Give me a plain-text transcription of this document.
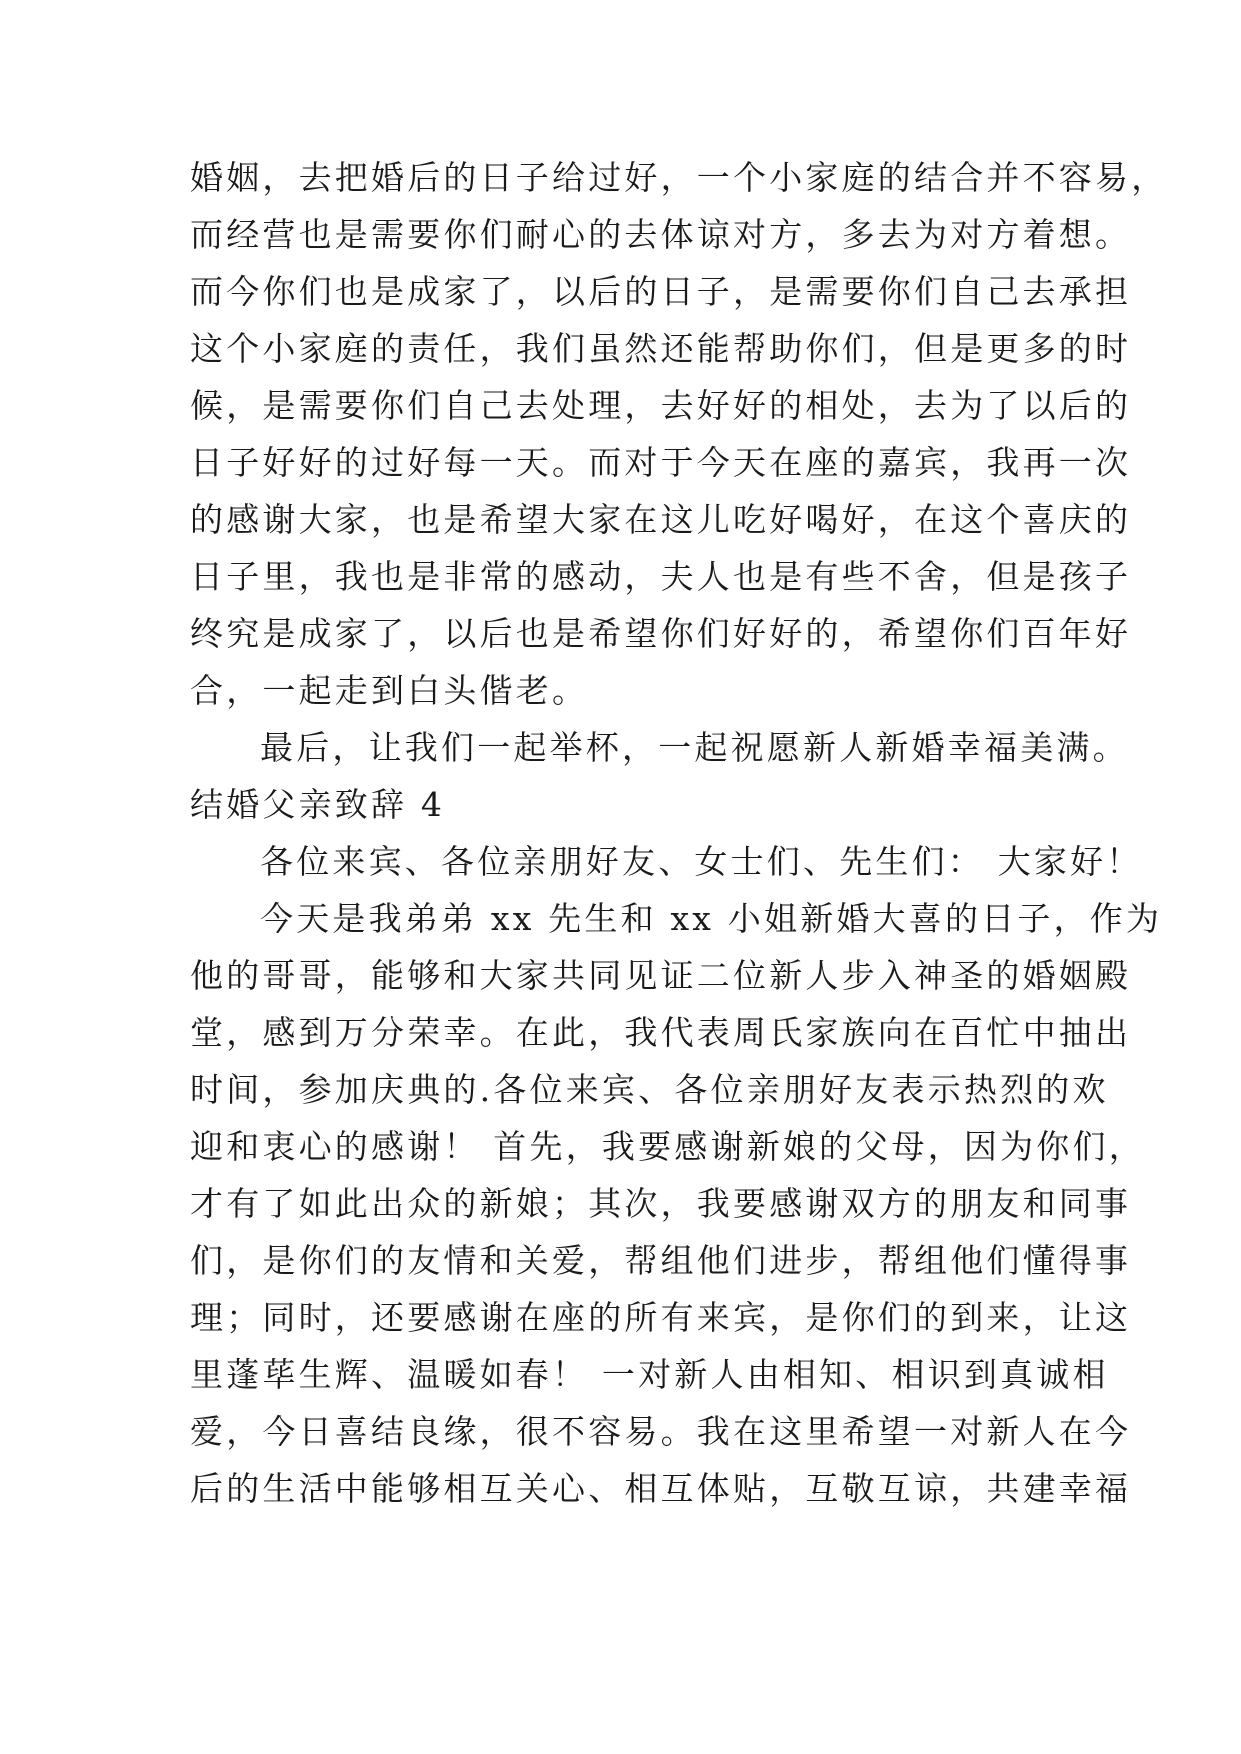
婚姻，去把婚后的日子给过好，一个小家庭的结合并不容易，
而经营也是需要你们耐心的去体谅对方，多去为对方着想。
而今你们也是成家了，以后的日子，是需要你们自己去承担
这个小家庭的责任，我们虽然还能帮助你们，但是更多的时
候，是需要你们自己去处理，去好好的相处，去为了以后的
日子好好的过好每一天。而对于今天在座的嘉宾，我再一次
的感谢大家，也是希望大家在这儿吃好喝好，在这个喜庆的
日子里，我也是非常的感动，夫人也是有些不舍，但是孩子
终究是成家了，以后也是希望你们好好的，希望你们百年好
合，一起走到白头偕老。
最后，让我们一起举杯，一起祝愿新人新婚幸福美满。
结婚父亲致辞 4
各位来宾、各位亲朋好友、女士们、先生们： 大家好！
今天是我弟弟 xx 先生和 xx 小姐新婚大喜的日子，作为
他的哥哥，能够和大家共同见证二位新人步入神圣的婚姻殿
堂，感到万分荣幸。在此，我代表周氏家族向在百忙中抽出
时间，参加庆典的.各位来宾、各位亲朋好友表示热烈的欢
迎和衷心的感谢！ 首先，我要感谢新娘的父母，因为你们，
才有了如此出众的新娘；其次，我要感谢双方的朋友和同事
们，是你们的友情和关爱，帮组他们进步，帮组他们懂得事
理；同时，还要感谢在座的所有来宾，是你们的到来，让这
里蓬荜生辉、温暖如春！ 一对新人由相知、相识到真诚相
爱，今日喜结良缘，很不容易。我在这里希望一对新人在今
后的生活中能够相互关心、相互体贴，互敬互谅，共建幸福
